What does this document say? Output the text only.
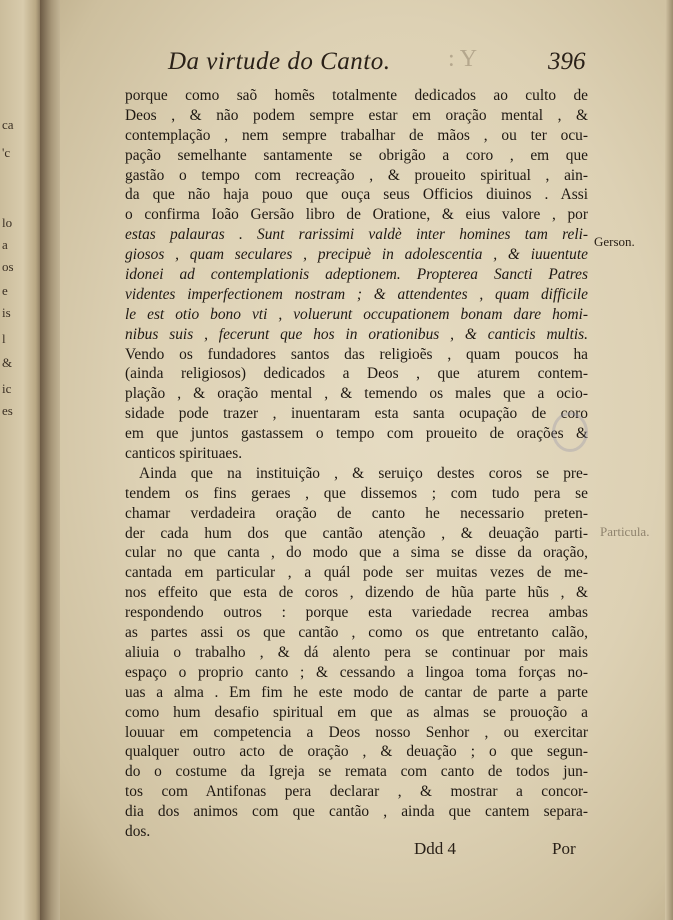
ca
'c
lo
a
os
e
is
l
&
ic
es
Da virtude do Canto. : Y	396
porque como saõ homẽs totalmente dedicados ao culto de
Deos , & não podem sempre estar em oração mental , &
contemplação , nem sempre trabalhar de mãos , ou ter ocu-
pação semelhante santamente se obrigão a coro , em que
gastão o tempo com recreação , & proueito spiritual , ain-
da que não haja pouo que ouça seus Officios diuinos . Assi
o confirma Ioão Gersão libro de Oratione, & eius valore , por
estas palauras . Sunt rarissimi valdè inter homines tam reli-
giosos , quam seculares , precipuè in adolescentia , & iuuentute
idonei ad contemplationis adeptionem. Propterea Sancti Patres
videntes imperfectionem nostram ; & attendentes , quam difficile
le est otio bono vti , voluerunt occupationem bonam dare homi-
nibus suis , fecerunt que hos in orationibus , & canticis multis.
Vendo os fundadores santos das religioẽs , quam poucos ha
(ainda religiosos) dedicados a Deos , que aturem contem-
plação , & oração mental , & temendo os males que a ocio-
sidade pode trazer , inuentaram esta santa ocupação de coro
em que juntos gastassem o tempo com proueito de orações &
canticos spirituaes.
Ainda que na instituição , & seruiço destes coros se pre-
tendem os fins geraes , que dissemos ; com tudo pera se
chamar verdadeira oração de canto he necessario preten-
der cada hum dos que cantão atenção , & deuação parti-
cular no que canta , do modo que a sima se disse da oração,
cantada em particular , a quál pode ser muitas vezes de me-
nos effeito que esta de coros , dizendo de hũa parte hũs , &
respondendo outros : porque esta variedade recrea ambas
as partes assi os que cantão , como os que entretanto calão,
aliuia o trabalho , & dá alento pera se continuar por mais
espaço o proprio canto ; & cessando a lingoa toma forças no-
uas a alma . Em fim he este modo de cantar de parte a parte
como hum desafio spiritual em que as almas se prouoção a
louuar em competencia a Deos nosso Senhor , ou exercitar
qualquer outro acto de oração , & deuação ; o que segun-
do o costume da Igreja se remata com canto de todos jun-
tos com Antifonas pera declarar , & mostrar a concor-
dia dos animos com que cantão , ainda que cantem separa-
dos.
Gerson.
Particula.
Ddd 4	Por
